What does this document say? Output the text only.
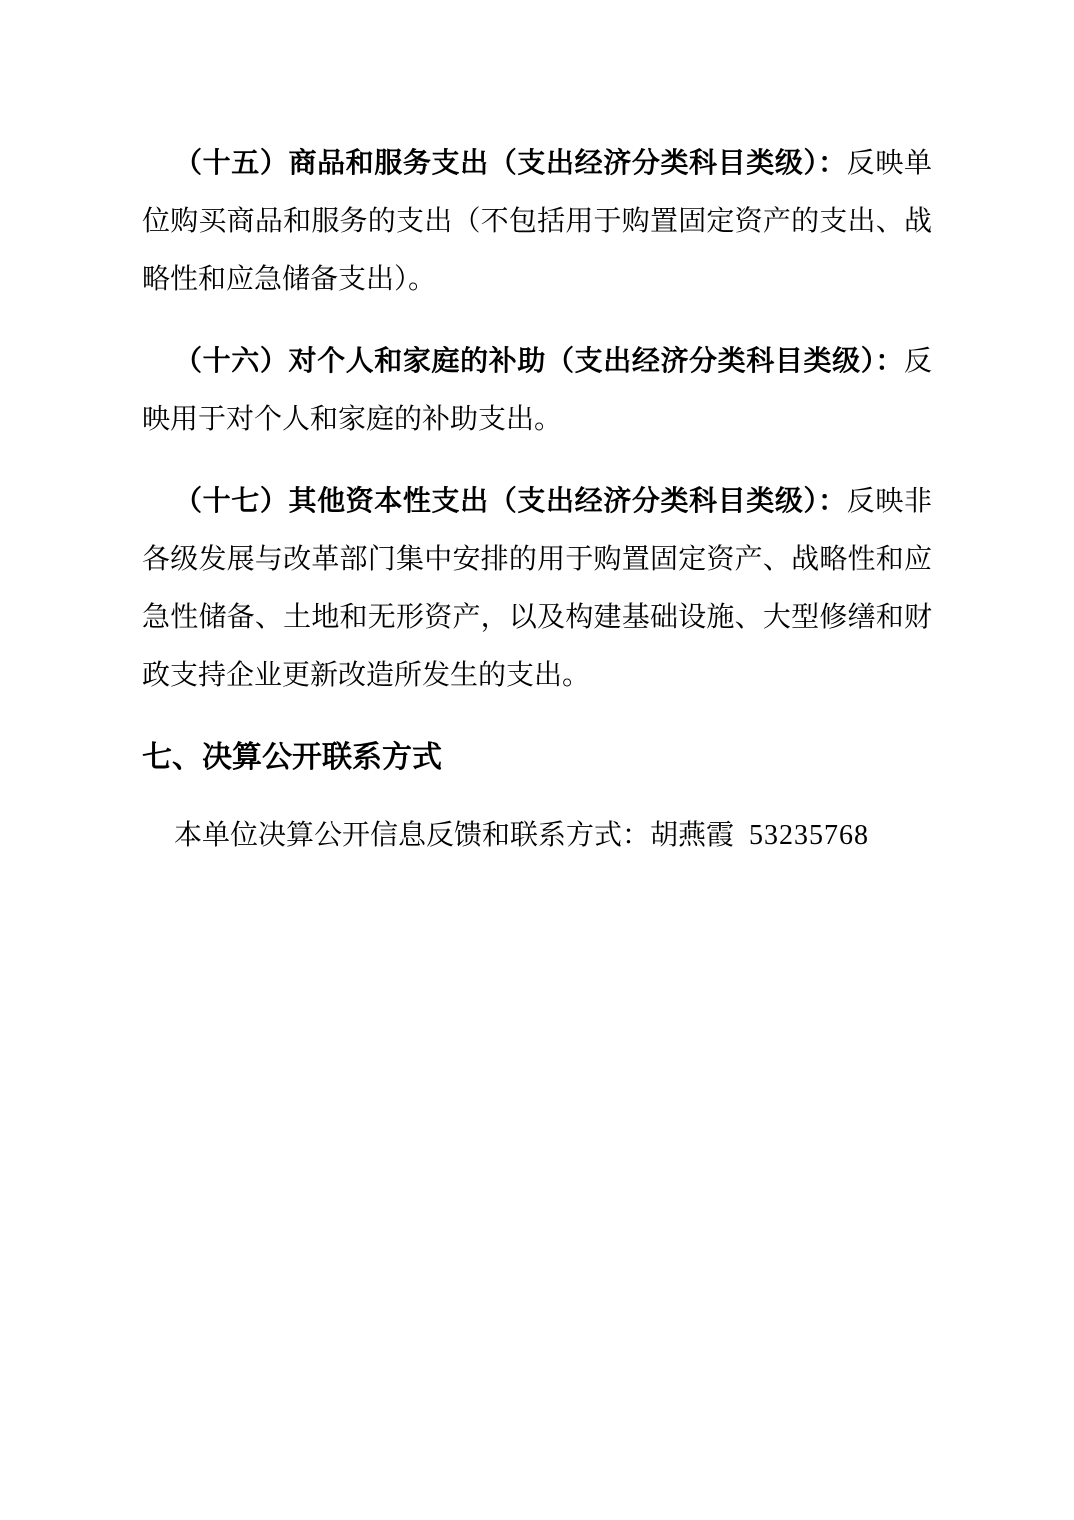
（十五）商品和服务支出（支出经济分类科目类级）：反映单位购买商品和服务的支出（不包括用于购置固定资产的支出、战略性和应急储备支出）。

（十六）对个人和家庭的补助（支出经济分类科目类级）：反映用于对个人和家庭的补助支出。

（十七）其他资本性支出（支出经济分类科目类级）：反映非各级发展与改革部门集中安排的用于购置固定资产、战略性和应急性储备、土地和无形资产，以及构建基础设施、大型修缮和财政支持企业更新改造所发生的支出。

七、决算公开联系方式

本单位决算公开信息反馈和联系方式：胡燕霞 53235768
